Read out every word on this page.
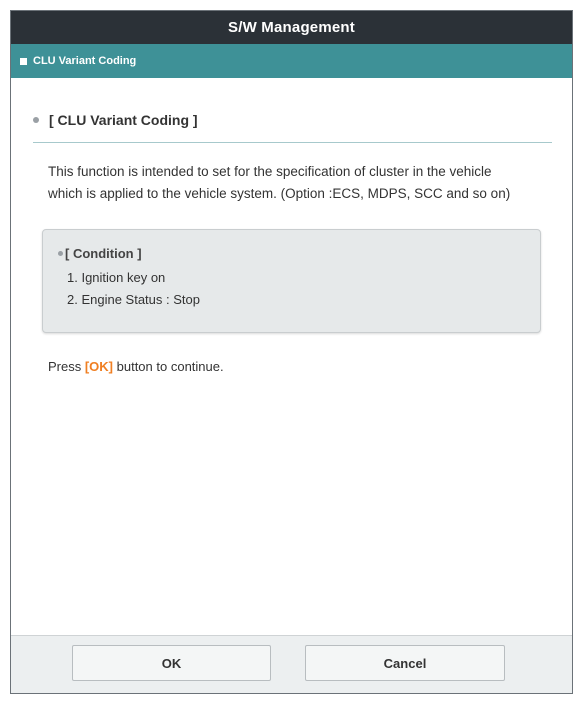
S/W Management
CLU Variant Coding
[ CLU Variant Coding ]
This function is intended to set for the specification of cluster in the vehicle
which is applied to the vehicle system. (Option :ECS, MDPS, SCC and so on)
[ Condition ]
1. Ignition key on
2. Engine Status : Stop
Press [OK] button to continue.
OK	Cancel
